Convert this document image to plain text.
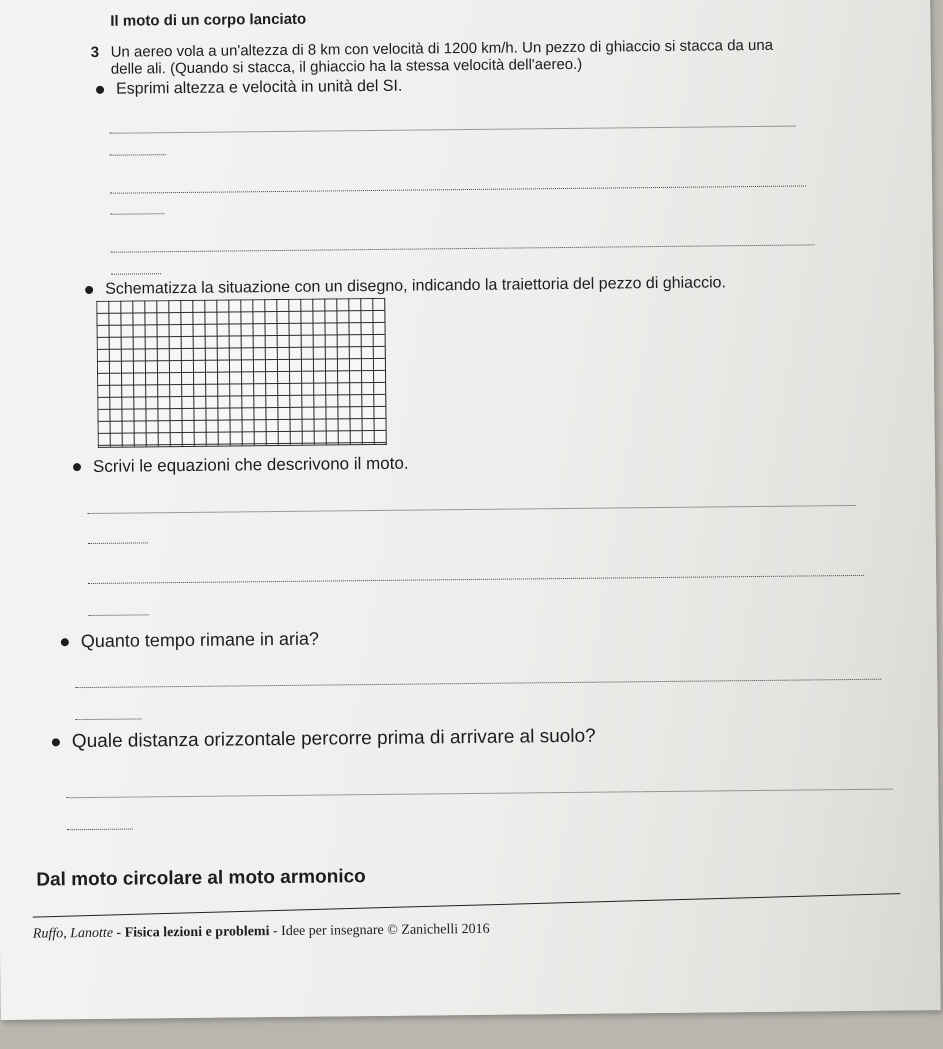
Il moto di un corpo lanciato
3 Un aereo vola a un'altezza di 8 km con velocità di 1200 km/h. Un pezzo di ghiaccio si stacca da una delle ali. (Quando si stacca, il ghiaccio ha la stessa velocità dell'aereo.)
Esprimi altezza e velocità in unità del SI.
Schematizza la situazione con un disegno, indicando la traiettoria del pezzo di ghiaccio.
Scrivi le equazioni che descrivono il moto.
Quanto tempo rimane in aria?
Quale distanza orizzontale percorre prima di arrivare al suolo?
Dal moto circolare al moto armonico
Ruffo, Lanotte - Fisica lezioni e problemi - Idee per insegnare © Zanichelli 2016
